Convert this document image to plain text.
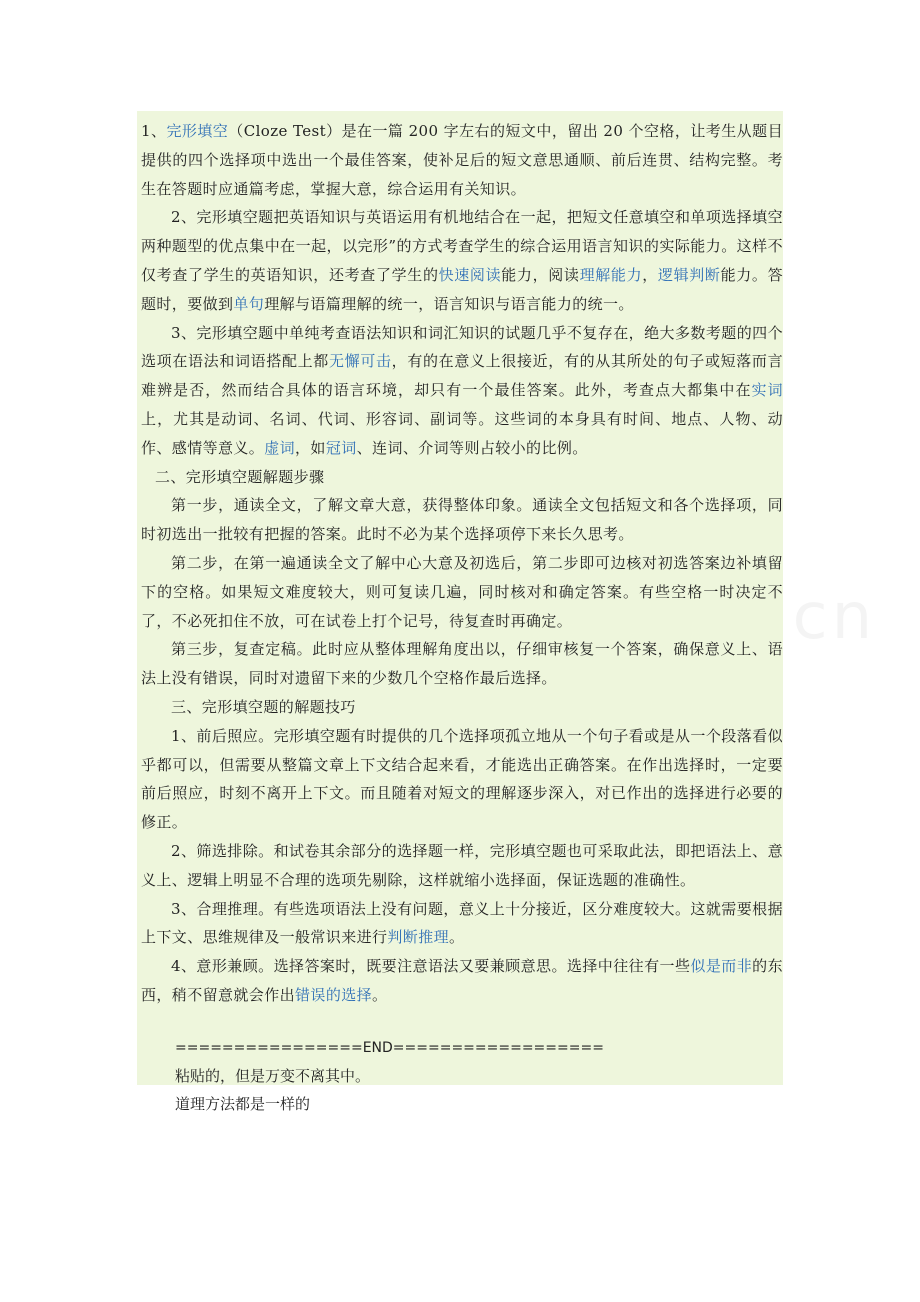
1、完形填空（Cloze Test）是在一篇 200 字左右的短文中，留出 20 个空格，让考生从题目提供的四个选择项中选出一个最佳答案，使补足后的短文意思通顺、前后连贯、结构完整。考生在答题时应通篇考虑，掌握大意，综合运用有关知识。

2、完形填空题把英语知识与英语运用有机地结合在一起，把短文任意填空和单项选择填空两种题型的优点集中在一起，以完形”的方式考查学生的综合运用语言知识的实际能力。这样不仅考查了学生的英语知识，还考查了学生的快速阅读能力，阅读理解能力，逻辑判断能力。答题时，要做到单句理解与语篇理解的统一，语言知识与语言能力的统一。

3、完形填空题中单纯考查语法知识和词汇知识的试题几乎不复存在，绝大多数考题的四个选项在语法和词语搭配上都无懈可击，有的在意义上很接近，有的从其所处的句子或短落而言难辨是否，然而结合具体的语言环境，却只有一个最佳答案。此外，考查点大都集中在实词上，尤其是动词、名词、代词、形容词、副词等。这些词的本身具有时间、地点、人物、动作、感情等意义。虚词，如冠词、连词、介词等则占较小的比例。

二、完形填空题解题步骤

第一步，通读全文，了解文章大意，获得整体印象。通读全文包括短文和各个选择项，同时初选出一批较有把握的答案。此时不必为某个选择项停下来长久思考。

第二步，在第一遍通读全文了解中心大意及初选后，第二步即可边核对初选答案边补填留下的空格。如果短文难度较大，则可复读几遍，同时核对和确定答案。有些空格一时决定不了，不必死扣住不放，可在试卷上打个记号，待复查时再确定。

第三步，复查定稿。此时应从整体理解角度出以，仔细审核复一个答案，确保意义上、语法上没有错误，同时对遗留下来的少数几个空格作最后选择。

三、完形填空题的解题技巧

1、前后照应。完形填空题有时提供的几个选择项孤立地从一个句子看或是从一个段落看似乎都可以，但需要从整篇文章上下文结合起来看，才能选出正确答案。在作出选择时，一定要前后照应，时刻不离开上下文。而且随着对短文的理解逐步深入，对已作出的选择进行必要的修正。

2、筛选排除。和试卷其余部分的选择题一样，完形填空题也可采取此法，即把语法上、意义上、逻辑上明显不合理的选项先剔除，这样就缩小选择面，保证选题的准确性。

3、合理推理。有些选项语法上没有问题，意义上十分接近，区分难度较大。这就需要根据上下文、思维规律及一般常识来进行判断推理。

4、意形兼顾。选择答案时，既要注意语法又要兼顾意思。选择中往往有一些似是而非的东西，稍不留意就会作出错误的选择。

================END==================

粘贴的，但是万变不离其中。

道理方法都是一样的
